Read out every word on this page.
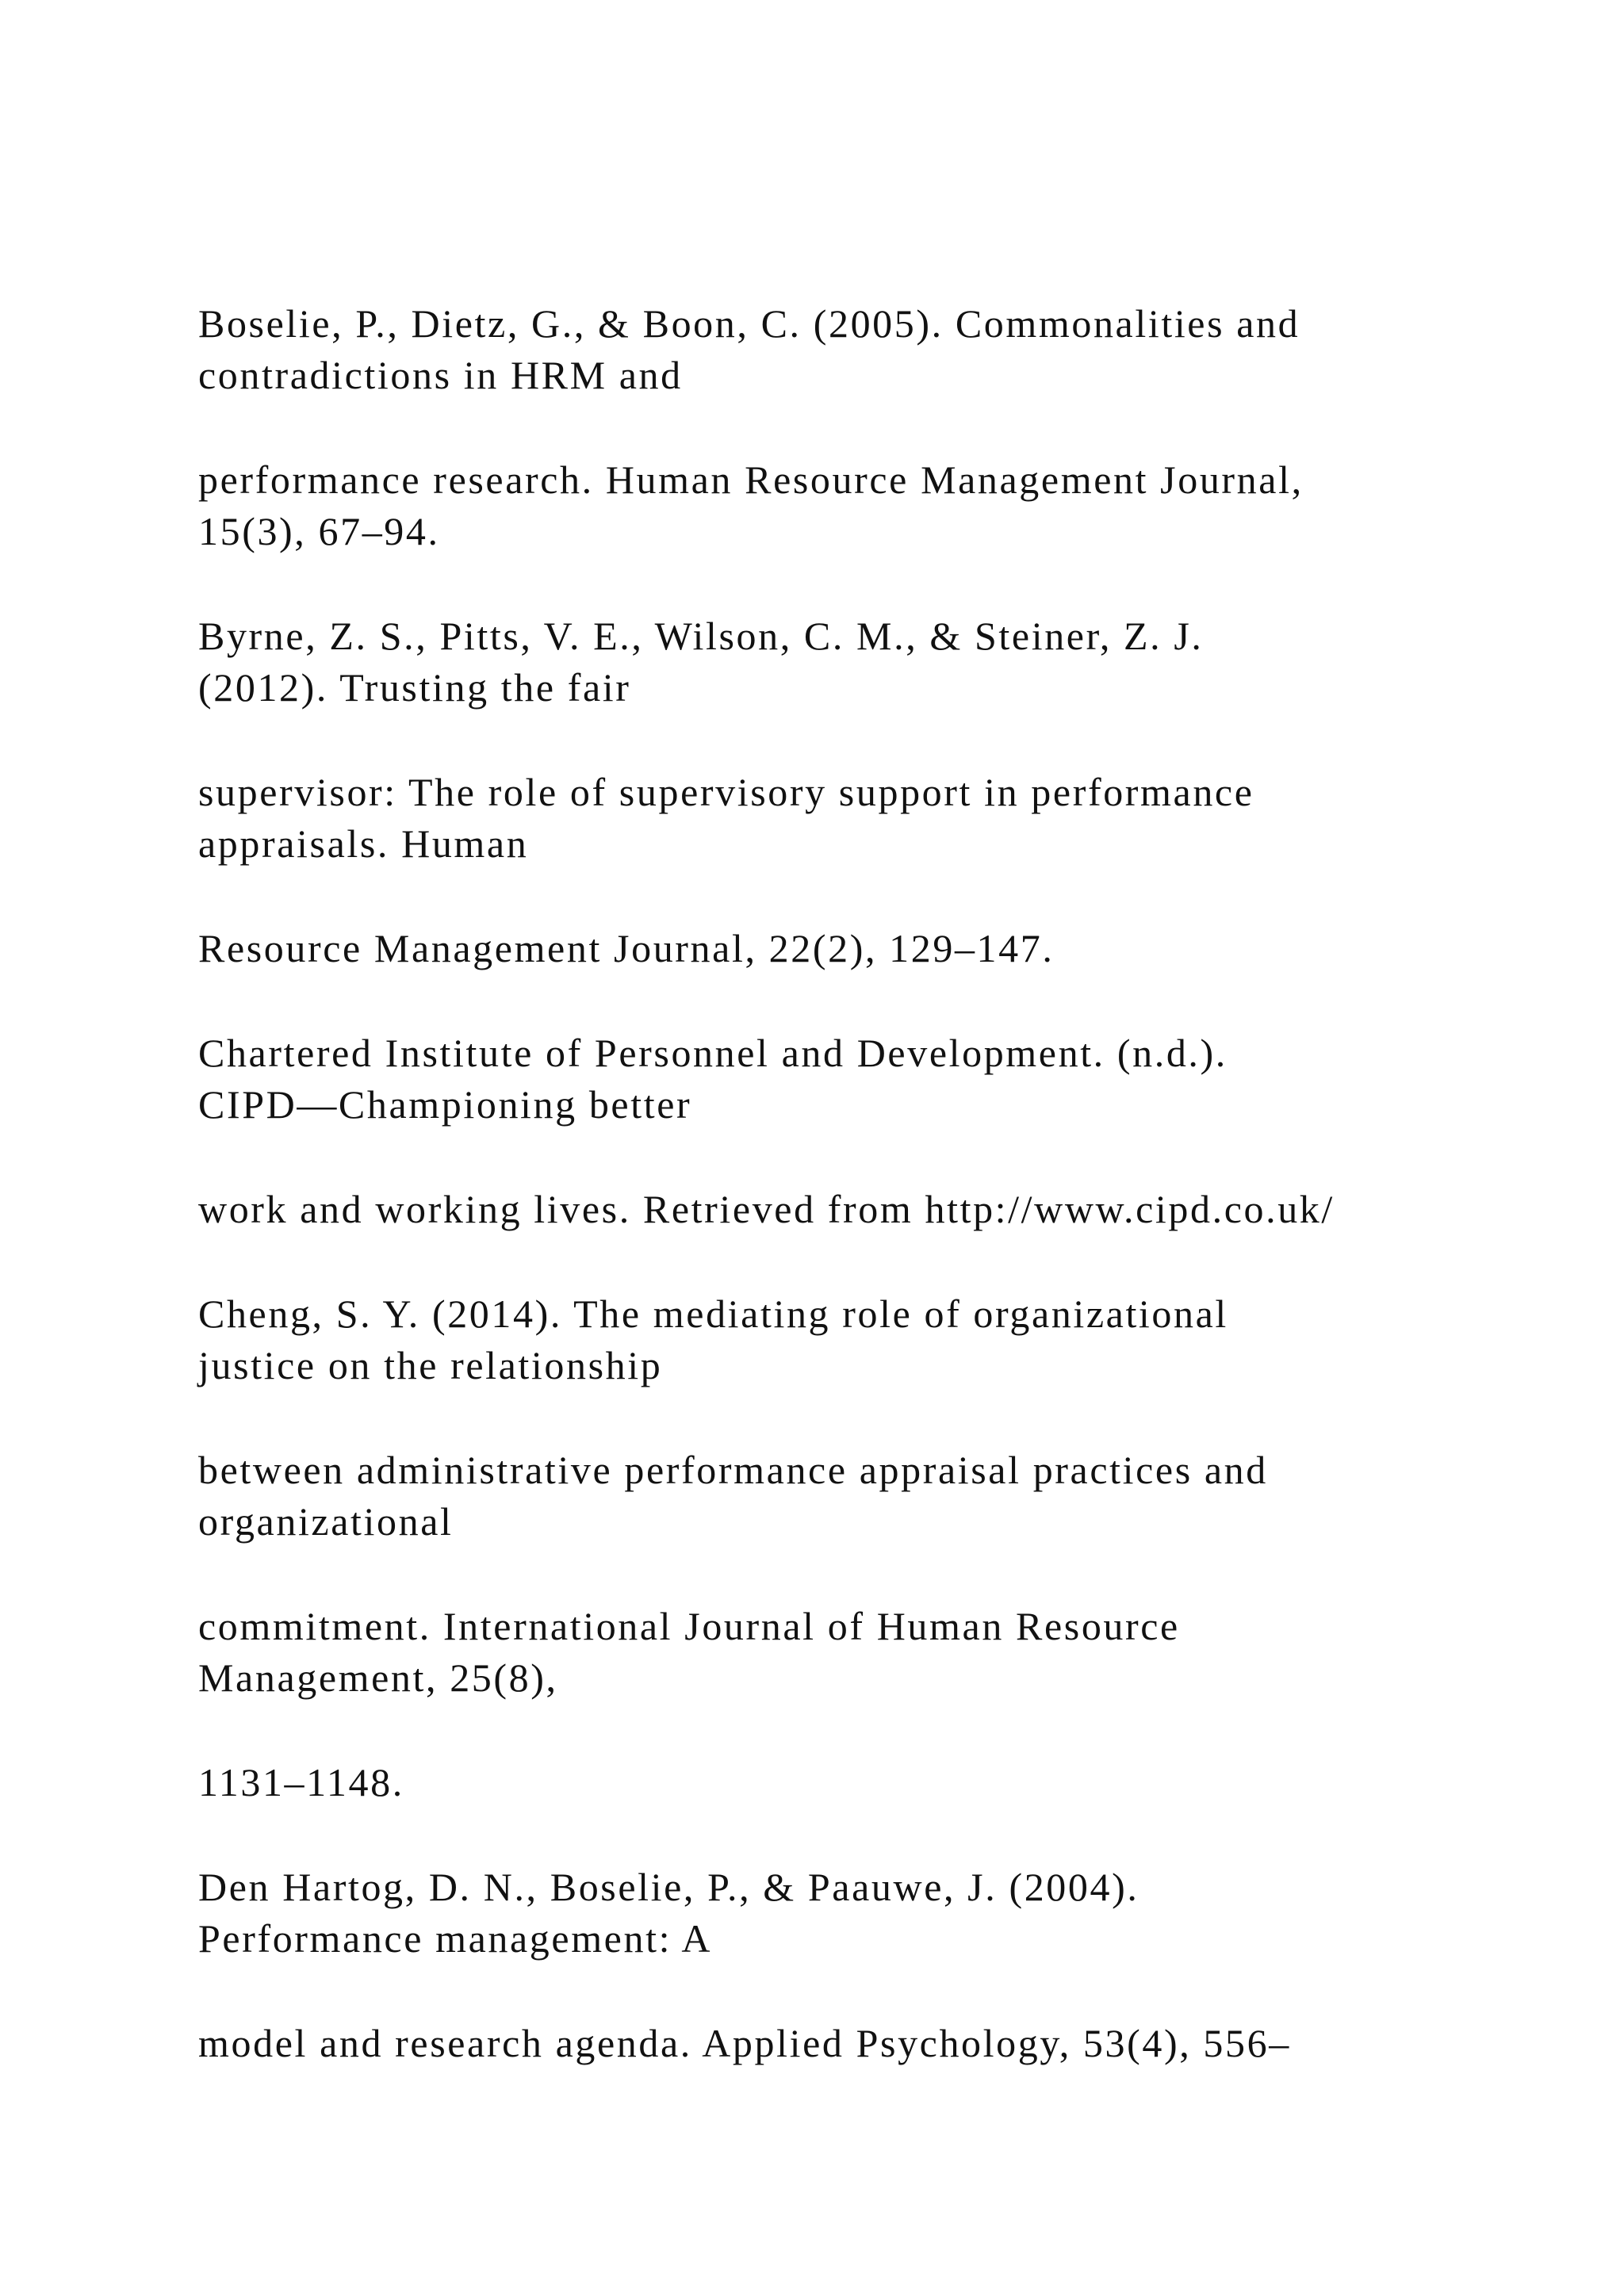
Boselie, P., Dietz, G., & Boon, C. (2005). Commonalities and
contradictions in HRM and

performance research. Human Resource Management Journal,
15(3), 67–94.

Byrne, Z. S., Pitts, V. E., Wilson, C. M., & Steiner, Z. J.
(2012). Trusting the fair

supervisor: The role of supervisory support in performance
appraisals. Human

Resource Management Journal, 22(2), 129–147.

Chartered Institute of Personnel and Development. (n.d.).
CIPD—Championing better

work and working lives. Retrieved from http://www.cipd.co.uk/

Cheng, S. Y. (2014). The mediating role of organizational
justice on the relationship

between administrative performance appraisal practices and
organizational

commitment. International Journal of Human Resource
Management, 25(8),

1131–1148.

Den Hartog, D. N., Boselie, P., & Paauwe, J. (2004).
Performance management: A

model and research agenda. Applied Psychology, 53(4), 556–
